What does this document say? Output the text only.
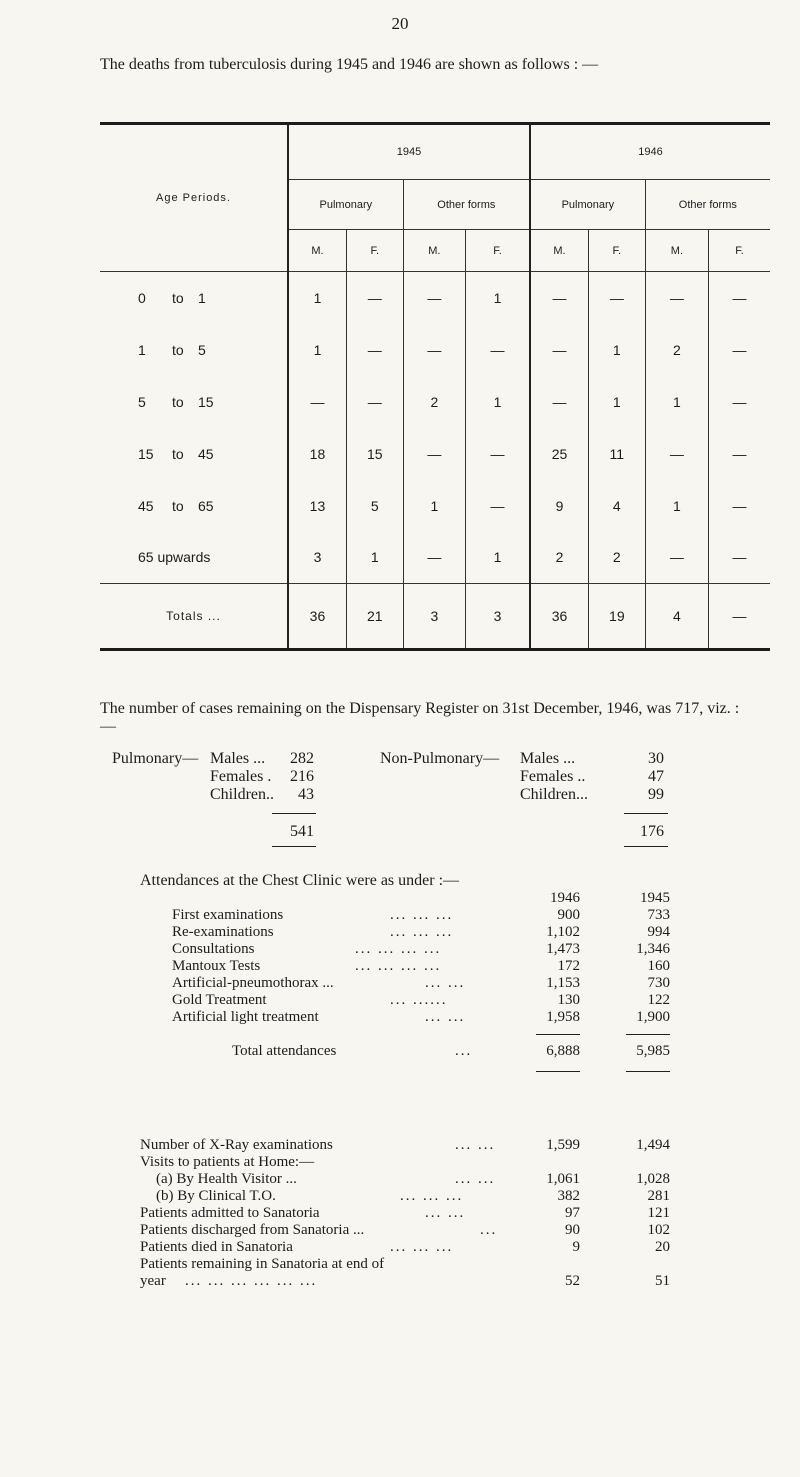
20
The deaths from tuberculosis during 1945 and 1946 are shown as follows : —
Age Periods.	1945				1946			
	Pulmonary		Other forms		Pulmonary		Other forms	
	M.	F.	M.	F.	M.	F.	M.	F.
0 to 1	1	—	—	1	—	—	—	—
1 to 5	1	—	—	—	—	1	2	—
5 to 15	—	—	2	1	—	1	1	—
15 to 45	18	15	—	—	25	11	—	—
45 to 65	13	5	1	—	9	4	1	—
65 upwards	3	1	—	1	2	2	—	—
Totals ...	36	21	3	3	36	19	4	—
The number of cases remaining on the Dispensary Register on 31st December, 1946, was 717, viz. : —
Pulmonary— Males ...	282
Females .	216
Children..	43
541
Non-Pulmonary— Males ...	30
Females ..	47
Children...	99
176
Attendances at the Chest Clinic were as under :—
1946	1945
First examinations	... ... ...	900	733
Re-examinations	... ... ...	1,102	994
Consultations	... ... ... ...	1,473	1,346
Mantoux Tests	... ... ... ...	172	160
Artificial-pneumothorax ...	... ...	1,153	730
Gold Treatment	... ......	130	122
Artificial light treatment	... ...	1,958	1,900
Total attendances	...	6,888	5,985
Number of X-Ray examinations	... ...	1,599	1,494
Visits to patients at Home:—
(a) By Health Visitor ...	... ...	1,061	1,028
(b) By Clinical T.O.	... ... ...	382	281
Patients admitted to Sanatoria	... ...	97	121
Patients discharged from Sanatoria ...	...	90	102
Patients died in Sanatoria	... ... ...	9	20
Patients remaining in Sanatoria at end of
year ... ... ... ... ... ...	52	51
